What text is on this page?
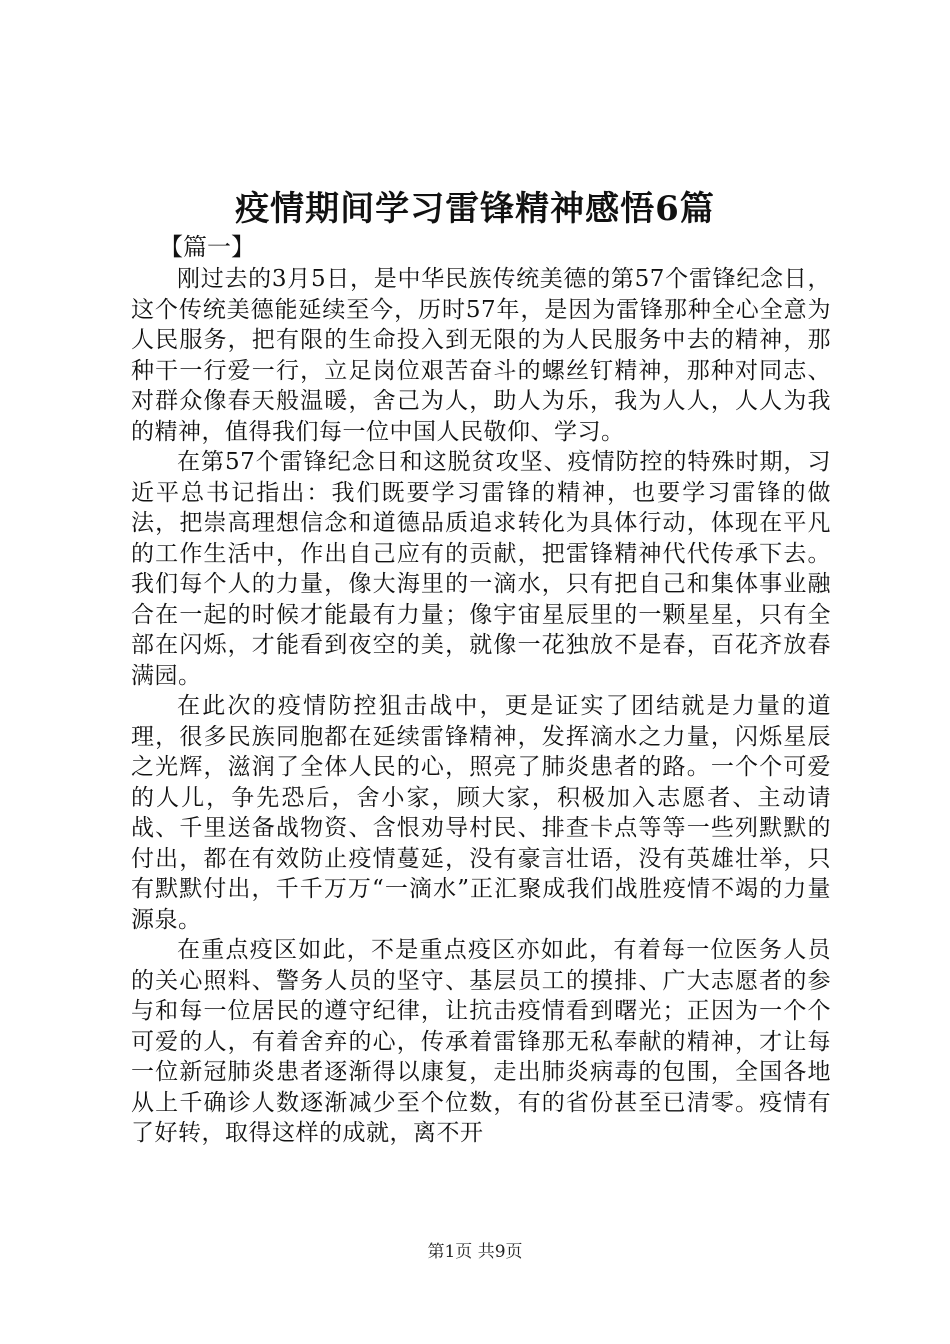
疫情期间学习雷锋精神感悟6篇
【篇一】

刚过去的3月5日，是中华民族传统美德的第57个雷锋纪念日，这个传统美德能延续至今，历时57年，是因为雷锋那种全心全意为人民服务，把有限的生命投入到无限的为人民服务中去的精神，那种干一行爱一行，立足岗位艰苦奋斗的螺丝钉精神，那种对同志、对群众像春天般温暖，舍己为人，助人为乐，我为人人，人人为我的精神，值得我们每一位中国人民敬仰、学习。

在第57个雷锋纪念日和这脱贫攻坚、疫情防控的特殊时期，习近平总书记指出：我们既要学习雷锋的精神，也要学习雷锋的做法，把崇高理想信念和道德品质追求转化为具体行动，体现在平凡的工作生活中，作出自己应有的贡献，把雷锋精神代代传承下去。我们每个人的力量，像大海里的一滴水，只有把自己和集体事业融合在一起的时候才能最有力量；像宇宙星辰里的一颗星星，只有全部在闪烁，才能看到夜空的美，就像一花独放不是春，百花齐放春满园。

在此次的疫情防控狙击战中，更是证实了团结就是力量的道理，很多民族同胞都在延续雷锋精神，发挥滴水之力量，闪烁星辰之光辉，滋润了全体人民的心，照亮了肺炎患者的路。一个个可爱的人儿，争先恐后，舍小家，顾大家，积极加入志愿者、主动请战、千里送备战物资、含恨劝导村民、排查卡点等等一些列默默的付出，都在有效防止疫情蔓延，没有豪言壮语，没有英雄壮举，只有默默付出，千千万万“一滴水”正汇聚成我们战胜疫情不竭的力量源泉。

在重点疫区如此，不是重点疫区亦如此，有着每一位医务人员的关心照料、警务人员的坚守、基层员工的摸排、广大志愿者的参与和每一位居民的遵守纪律，让抗击疫情看到曙光；正因为一个个可爱的人，有着舍弃的心，传承着雷锋那无私奉献的精神，才让每一位新冠肺炎患者逐渐得以康复，走出肺炎病毒的包围，全国各地从上千确诊人数逐渐减少至个位数，有的省份甚至已清零。疫情有了好转，取得这样的成就，离不开

第1页 共9页
